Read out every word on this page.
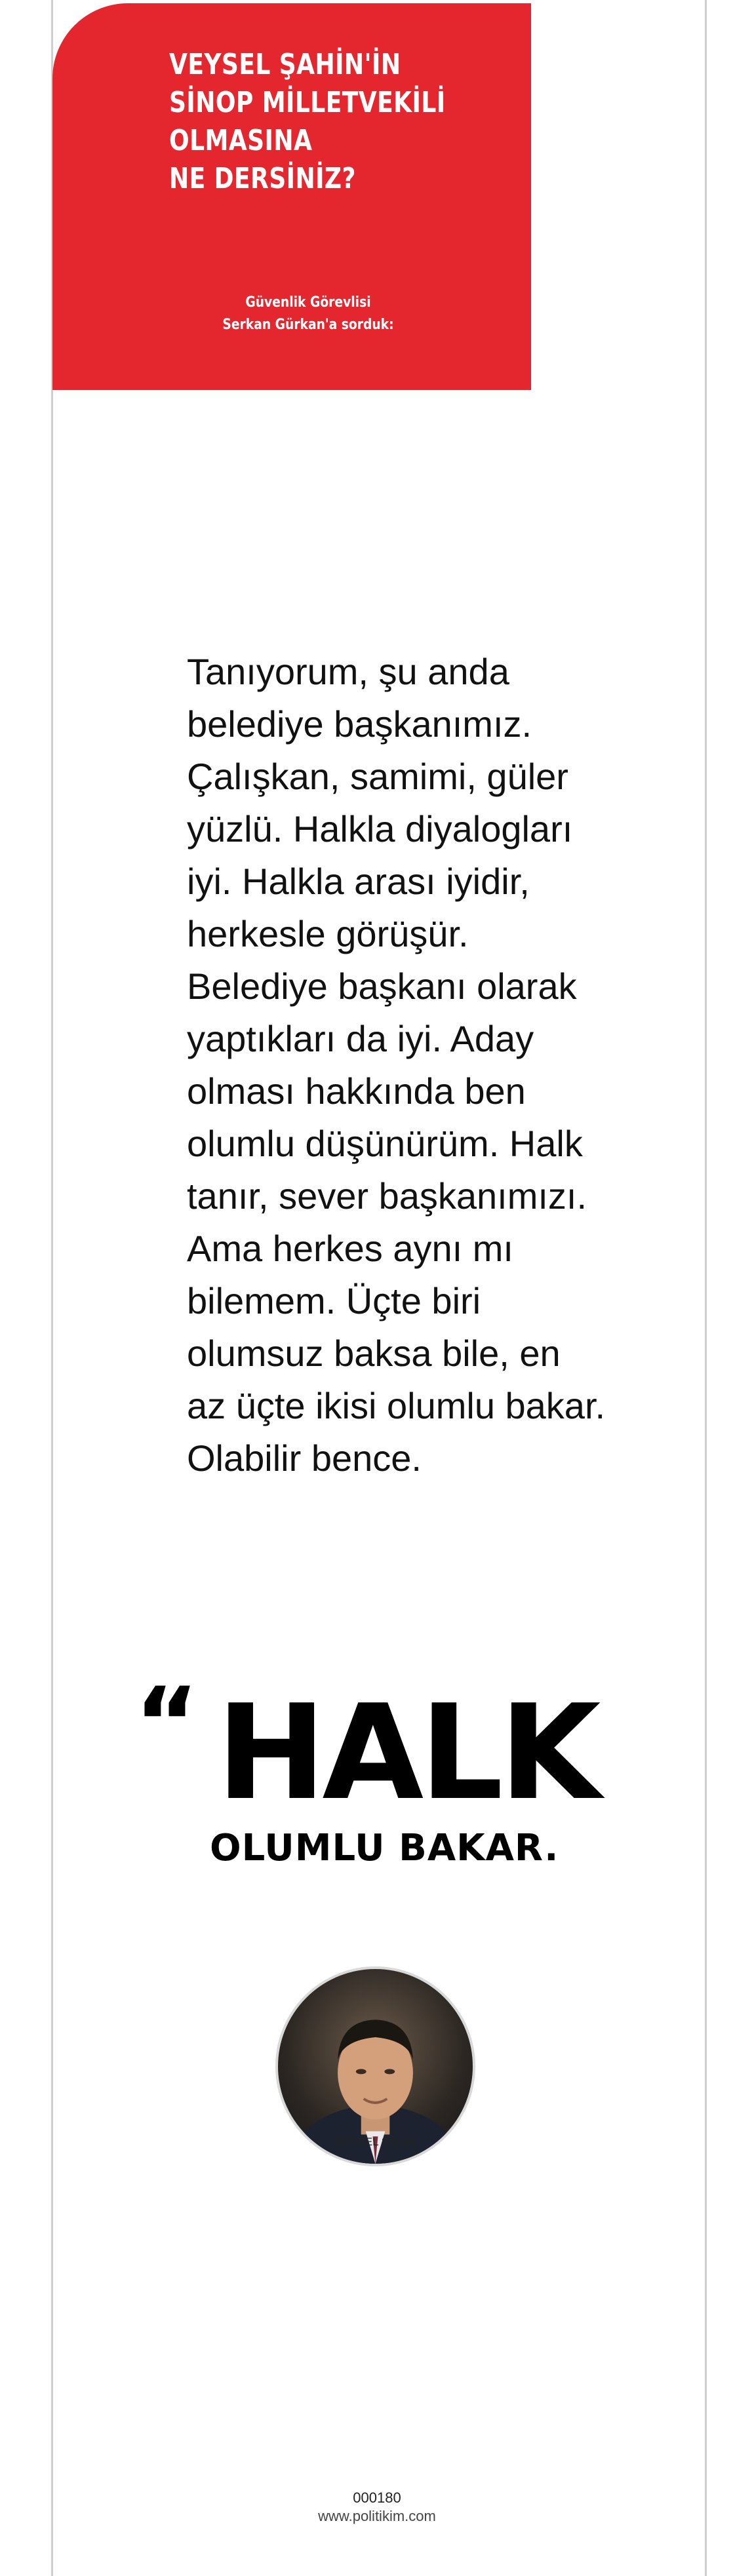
VEYSEL ŞAHİN'İN
SİNOP MİLLETVEKİLİ
OLMASINA
NE DERSİNİZ?
Güvenlik Görevlisi
Serkan Gürkan'a sorduk:
Tanıyorum, şu anda belediye başkanımız. Çalışkan, samimi, güler yüzlü. Halkla diyalogları iyi. Halkla arası iyidir, herkesle görüşür. Belediye başkanı olarak yaptıkları da iyi. Aday olması hakkında ben olumlu düşünürüm. Halk tanır, sever başkanımızı. Ama herkes aynı mı bilemem. Üçte biri olumsuz baksa bile, en az üçte ikisi olumlu bakar. Olabilir bence.
“ HALK
OLUMLU BAKAR.
VEYSEL ŞAHİN
000180
www.politikim.com
